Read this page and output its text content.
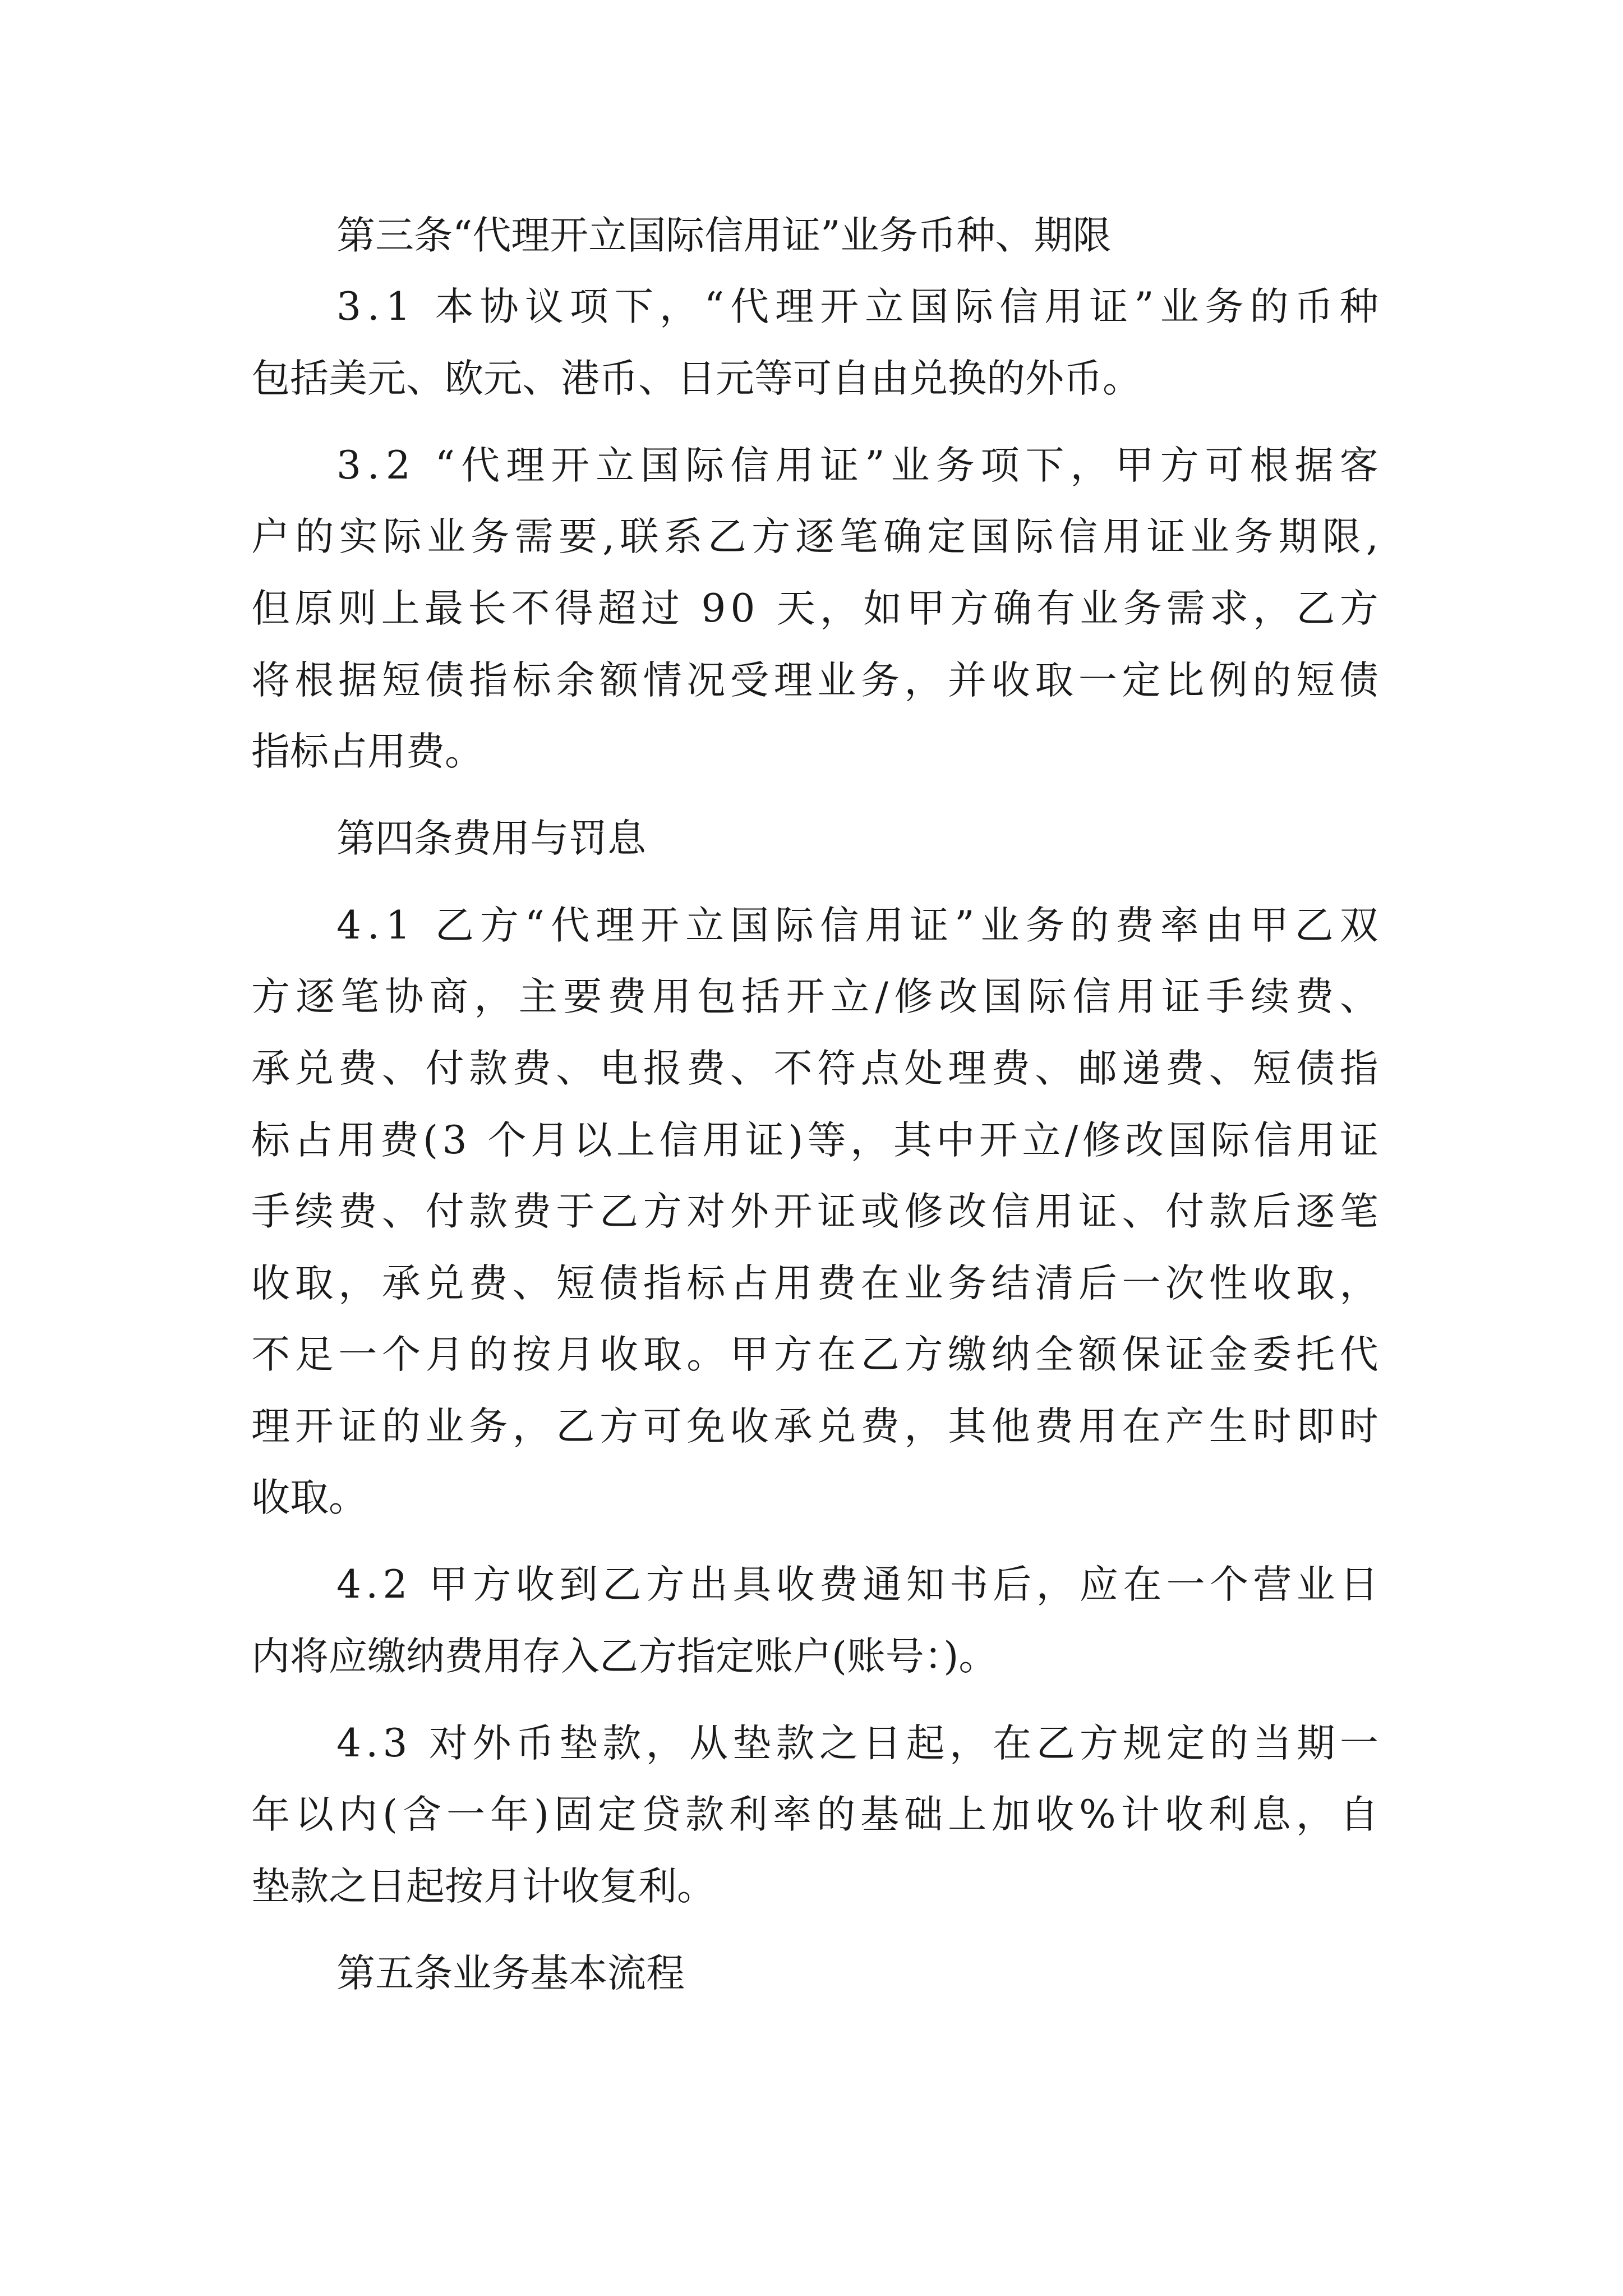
第三条“代理开立国际信用证”业务币种、期限
3 . 1
本 协 议 项 下 ， “ 代 理 开 立 国 际 信 用 证 ” 业 务 的 币 种
包括美元、欧元、港币、日元等可自由兑换的外币。
3 . 2
“ 代 理 开 立 国 际 信 用 证 ” 业 务 项 下 ， 甲 方 可 根 据 客
户 的 实 际 业 务 需 要 , 联 系 乙 方 逐 笔 确 定 国 际 信 用 证 业 务 期 限 ,
但 原 则 上 最 长 不 得 超 过
9 0
天 ， 如 甲 方 确 有 业 务 需 求 ， 乙 方
将 根 据 短 债 指 标 余 额 情 况 受 理 业 务 ， 并 收 取 一 定 比 例 的 短 债
指标占用费。
第四条费用与罚息
4 . 1
乙 方 “ 代 理 开 立 国 际 信 用 证 ” 业 务 的 费 率 由 甲 乙 双
方 逐 笔 协 商 ， 主 要 费 用 包 括 开 立 / 修 改 国 际 信 用 证 手 续 费 、
承 兑 费 、 付 款 费 、 电 报 费 、 不 符 点 处 理 费 、 邮 递 费 、 短 债 指
标 占 用 费 ( 3
个 月 以 上 信 用 证 ) 等 ， 其 中 开 立 / 修 改 国 际 信 用 证
手 续 费 、 付 款 费 于 乙 方 对 外 开 证 或 修 改 信 用 证 、 付 款 后 逐 笔
收 取 ， 承 兑 费 、 短 债 指 标 占 用 费 在 业 务 结 清 后 一 次 性 收 取 ，
不 足 一 个 月 的 按 月 收 取 。 甲 方 在 乙 方 缴 纳 全 额 保 证 金 委 托 代
理 开 证 的 业 务 ， 乙 方 可 免 收 承 兑 费 ， 其 他 费 用 在 产 生 时 即 时
收取。
4 . 2
甲 方 收 到 乙 方 出 具 收 费 通 知 书 后 ， 应 在 一 个 营 业 日
内将应缴纳费用存入乙方指定账户(账号：)。
4 . 3
对 外 币 垫 款 ， 从 垫 款 之 日 起 ， 在 乙 方 规 定 的 当 期 一
年 以 内 ( 含 一 年 ) 固 定 贷 款 利 率 的 基 础 上 加 收 % 计 收 利 息 ， 自
垫款之日起按月计收复利。
第五条业务基本流程
